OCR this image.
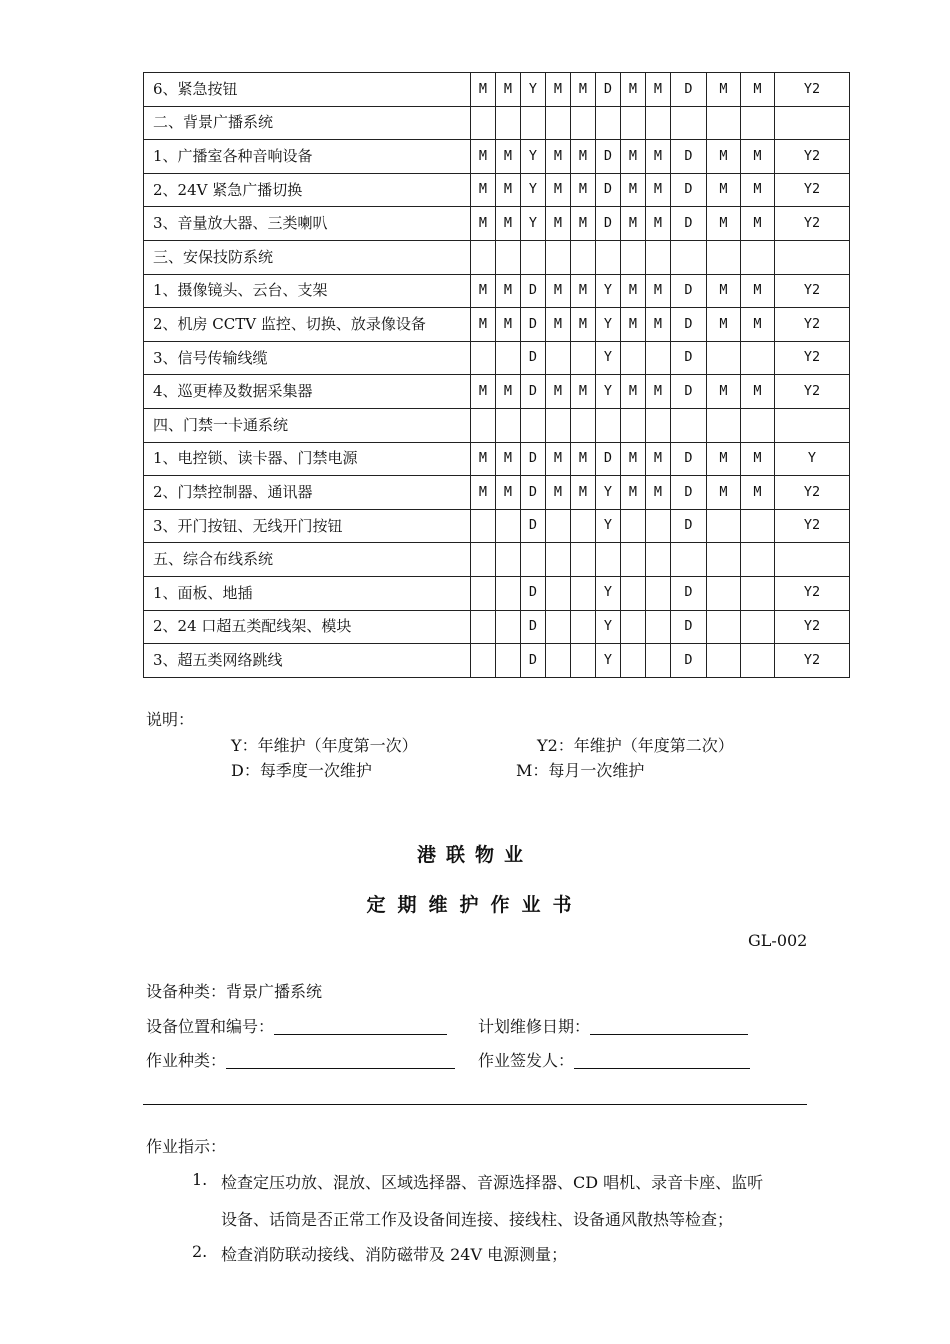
6、紧急按钮	M	M	Y	M	M	D	M	M	D	M	M	Y2
二、背景广播系统												
1、广播室各种音响设备	M	M	Y	M	M	D	M	M	D	M	M	Y2
2、24V 紧急广播切换	M	M	Y	M	M	D	M	M	D	M	M	Y2
3、音量放大器、三类喇叭	M	M	Y	M	M	D	M	M	D	M	M	Y2
三、安保技防系统												
1、摄像镜头、云台、支架	M	M	D	M	M	Y	M	M	D	M	M	Y2
2、机房 CCTV 监控、切换、放录像设备	M	M	D	M	M	Y	M	M	D	M	M	Y2
3、信号传输线缆			D			Y			D			Y2
4、巡更棒及数据采集器	M	M	D	M	M	Y	M	M	D	M	M	Y2
四、门禁一卡通系统												
1、电控锁、读卡器、门禁电源	M	M	D	M	M	D	M	M	D	M	M	Y
2、门禁控制器、通讯器	M	M	D	M	M	Y	M	M	D	M	M	Y2
3、开门按钮、无线开门按钮			D			Y			D			Y2
五、综合布线系统												
1、面板、地插			D			Y			D			Y2
2、24 口超五类配线架、模块			D			Y			D			Y2
3、超五类网络跳线			D			Y			D			Y2
说明：
Y：年维护（年度第一次）	Y2：年维护（年度第二次）
D：每季度一次维护	M：每月一次维护
港联物业
定期维护作业书
GL-002
设备种类：背景广播系统
设备位置和编号：	计划维修日期：
作业种类：	作业签发人：
作业指示：
1. 检查定压功放、混放、区域选择器、音源选择器、CD 唱机、录音卡座、监听
设备、话筒是否正常工作及设备间连接、接线柱、设备通风散热等检查；
2. 检查消防联动接线、消防磁带及 24V 电源测量；
